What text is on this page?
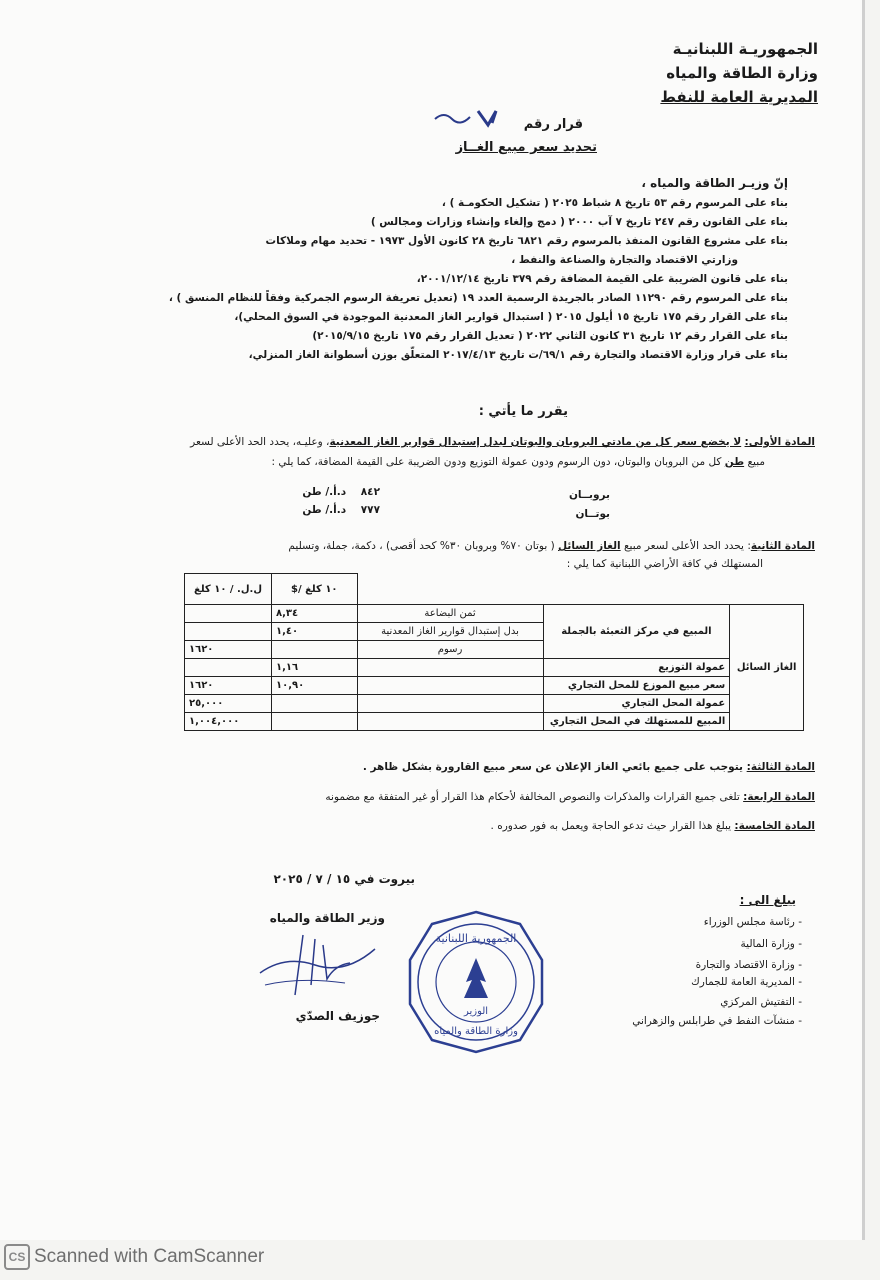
الجمهوريـة اللبنانيـة
وزارة الطاقة والمياه
المديرية العامة للنفط
قرار رقم
تحديد سعر مبيع الغــاز
إنّ وزيـر الطاقة والمياه ،
بناء على المرسوم رقم ٥٣ تاريخ ٨ شباط ٢٠٢٥ ( تشكيل الحكومـة ) ،
بناء على القانون رقم ٢٤٧ تاريخ ٧ آب ٢٠٠٠ ( دمج وإلغاء وإنشاء وزارات ومجالس )
بناء على مشروع القانون المنفذ بالمرسوم رقم ٦٨٢١ تاريخ ٢٨ كانون الأول ١٩٧٣ - تحديد مهام وملاكات
وزارتي الاقتصاد والتجارة والصناعة والنفط ،
بناء على قانون الضريبة على القيمة المضافة رقم ٣٧٩ تاريخ ٢٠٠١/١٢/١٤،
بناء على المرسوم رقم ١١٢٩٠ الصادر بالجريدة الرسمية العدد ١٩ (تعديل تعريفة الرسوم الجمركية وفقاً للنظام المنسق ) ،
بناء على القرار رقم ١٧٥ تاريخ ١٥ أيلول ٢٠١٥ ( استبدال قوارير الغاز المعدنية الموجودة في السوق المحلي)،
بناء على القرار رقم ١٢ تاريخ ٣١ كانون الثاني ٢٠٢٢ ( تعديل القرار رقم ١٧٥ تاريخ ٢٠١٥/٩/١٥)
بناء على قرار وزارة الاقتصاد والتجارة رقم ٦٩/١/ت تاريخ ٢٠١٧/٤/١٣ المتعلّق بوزن أسطوانة الغاز المنزلي،
يقرر ما يأتي :
المادة الأولى: لا يخضع سعر كل من مادتي البروبان والبوتان لبدل إستبدال قوارير الغاز المعدنية، وعليـه، يحدد الحد الأعلى لسعر
مبيع طن كل من البروبان والبوتان، دون الرسوم ودون عمولة التوزيع ودون الضريبة على القيمة المضافة، كما يلي :
بروبــان
٨٤٢    د.أ./ طن
بوتــان
٧٧٧    د.أ./ طن
المادة الثانية: يحدد الحد الأعلى لسعر مبيع الغاز السائل ( بوتان ٧٠% وبروبان ٣٠% كحد أقصى) ، دكمة، جملة، وتسليم
المستهلك في كافة الأراضي اللبنانية كما يلي :
			$/ ١٠ كلغ	ل.ل. / ١٠ كلغ
الغاز السائل	المبيع في مركز التعبئة بالجملة	ثمن البضاعة	٨,٣٤	
		بدل إستبدال قوارير الغاز المعدنية	١,٤٠	
		رسوم		١٦٢٠
	عمولة التوزيع		١,١٦	
	سعر مبيع الموزع للمحل التجاري		١٠,٩٠	١٦٢٠
	عمولة المحل التجاري			٢٥,٠٠٠
	المبيع للمستهلك في المحل التجاري			١,٠٠٤,٠٠٠
المادة الثالثة: يتوجب على جميع بائعي الغاز الإعلان عن سعر مبيع القارورة بشكل ظاهر .
المادة الرابعة: تلغى جميع القرارات والمذكرات والنصوص المخالفة لأحكام هذا القرار أو غير المتفقة مع مضمونه
المادة الخامسة: يبلغ هذا القرار حيث تدعو الحاجة ويعمل به فور صدوره .
بيروت في ١٥ / ٧ / ٢٠٢٥
وزير الطاقة والمياه
جوزيف الصدّي
الجمهورية اللبنانية
الوزير
وزارة الطاقة والمياه
يبلغ الى :
- رئاسة مجلس الوزراء
- وزارة المالية
- وزارة الاقتصاد والتجارة
- المديرية العامة للجمارك
- التفتيش المركزي
- منشآت النفط في طرابلس والزهراني
CS Scanned with CamScanner
